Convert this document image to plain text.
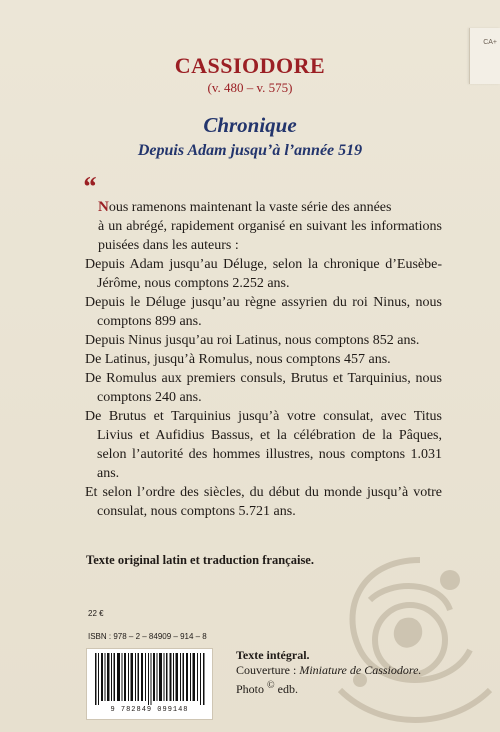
CA+
CASSIODORE
(v. 480 – v. 575)
Chronique
Depuis Adam jusqu’à l’année 519
“

Nous ramenons maintenant la vaste série des années
à un abrégé, rapidement organisé en suivant les informations puisées dans les auteurs :

Depuis Adam jusqu’au Déluge, selon la chronique d’Eusèbe-Jérôme, nous comptons 2.252 ans.

Depuis le Déluge jusqu’au règne assyrien du roi Ninus, nous comptons 899 ans.

Depuis Ninus jusqu’au roi Latinus, nous comptons 852 ans.

De Latinus, jusqu’à Romulus, nous comptons 457 ans.

De Romulus aux premiers consuls, Brutus et Tarquinius, nous comptons 240 ans.

De Brutus et Tarquinius jusqu’à votre consulat, avec Titus Livius et Aufidius Bassus, et la célébration de la Pâques, selon l’autorité des hommes illustres, nous comptons 1.031 ans.

Et selon l’ordre des siècles, du début du monde jusqu’à votre consulat, nous comptons 5.721 ans.

Texte original latin et traduction française.
22 €
ISBN : 978 – 2 – 84909 – 914 – 8
9 782849 099148
Texte intégral.
Couverture : Miniature de Cassiodore.
Photo © edb.
